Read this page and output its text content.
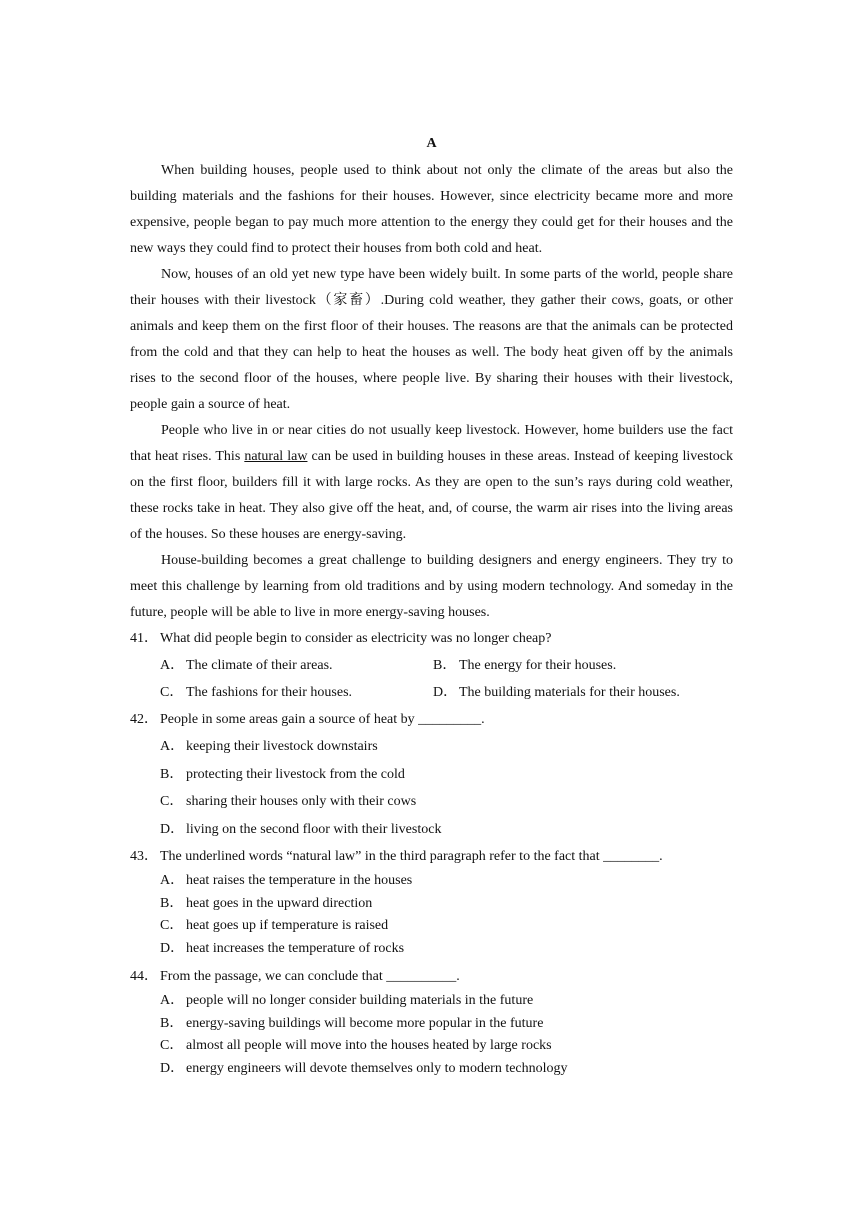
A

When building houses, people used to think about not only the climate of the areas but also the building materials and the fashions for their houses. However, since electricity became more and more expensive, people began to pay much more attention to the energy they could get for their houses and the new ways they could find to protect their houses from both cold and heat.

Now, houses of an old yet new type have been widely built. In some parts of the world, people share their houses with their livestock（家畜）.During cold weather, they gather their cows, goats, or other animals and keep them on the first floor of their houses. The reasons are that the animals can be protected from the cold and that they can help to heat the houses as well. The body heat given off by the animals rises to the second floor of the houses, where people live. By sharing their houses with their livestock, people gain a source of heat.

People who live in or near cities do not usually keep livestock. However, home builders use the fact that heat rises. This natural law can be used in building houses in these areas. Instead of keeping livestock on the first floor, builders fill it with large rocks. As they are open to the sun’s rays during cold weather, these rocks take in heat. They also give off the heat, and, of course, the warm air rises into the living areas of the houses. So these houses are energy-saving.

House-building becomes a great challenge to building designers and energy engineers. They try to meet this challenge by learning from old traditions and by using modern technology. And someday in the future, people will be able to live in more energy-saving houses.

41． What did people begin to consider as electricity was no longer cheap?
A． The climate of their areas.	B． The energy for their houses.
C． The fashions for their houses.	D． The building materials for their houses.
42． People in some areas gain a source of heat by _________.
A． keeping their livestock downstairs
B． protecting their livestock from the cold
C． sharing their houses only with their cows
D． living on the second floor with their livestock
43． The underlined words “natural law” in the third paragraph refer to the fact that ________.
A． heat raises the temperature in the houses
B． heat goes in the upward direction
C． heat goes up if temperature is raised
D． heat increases the temperature of rocks
44． From the passage, we can conclude that __________.
A． people will no longer consider building materials in the future
B． energy-saving buildings will become more popular in the future
C． almost all people will move into the houses heated by large rocks
D． energy engineers will devote themselves only to modern technology
